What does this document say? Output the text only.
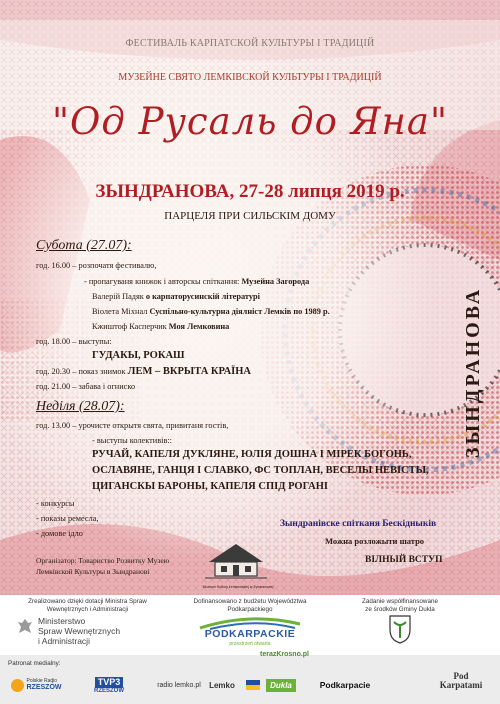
ФЕСТИВАЛЬ КАРПАТСКОЙ КУЛЬТУРЫ І ТРАДИЦІЙ
МУЗЕЙНЕ СВЯТО ЛЕМКІВСКОЙ КУЛЬТУРЫ І ТРАДИЦІЙ
"Од Русаль до Яна"
ЗЫНДРАНОВА, 27-28 липця 2019 р.
ПАРЦЕЛЯ ПРИ СИЛЬСКІМ ДОМУ
Субота (27.07):
год. 16.00 – розпочатя фестивалю,
- пропагуваня книжок і авторскы спіткання: Музейна Загорода
Валерій Падяк о карпаторусинскій літературі
Віолета Міхнал Суспільно-культурна діялніст Лемків по 1989 р.
Кжиштоф Каспeрчик Моя Лемковина
год. 18.00 – выступы:
ГУДАКЫ, РОКАШ
год. 20.30 – показ знимок ЛЕМ – ВКРЫТА КРАЇНА
год. 21.00 – забава і огниско
Неділя (28.07):
год. 13.00 – урочисте открытя свята, привитаня гостів,
- выступы колективів::
РУЧАЙ, КАПЕЛЯ ДУКЛЯНЕ, ЮЛІЯ ДОШНА І МІРЕК БОГОНЬ,
ОСЛАВЯНЕ, ГАНЦЯ І СЛАВКО, ФС ТОПЛАН, ВЕСЕЛЫ НЕВІСТЫ,
ЦИГАНСКЫ БАРОНЫ, КАПЕЛЯ СПІД РОГАНІ
- конкурсы
- показы ремесла,
- домове ідло
ЗЫНДРАНОВА
Зындранівске спітканя Бескідныків
Можна розложыти шатро
ВІЛНЫЙ ВСТУП
Організатор: Товариство Розвитку Музею
Лемківской Культуры в Зындранові
Muzeum Kultury Łemkowskiej w Zyndranowej
Zrealizowano dzięki dotacji Ministra Spraw
Wewnętrznych i Administracji
Ministerstwo
Spraw Wewnętrznych
i Administracji
Dofinansowano z budżetu Województwa
Podkarpackiego
PODKARPACKIE
przestrzeń otwarta
Zadanie współfinansowane
ze środków Gminy Dukla
Patronat medialny:
Polskie Radio
RZESZÓW
TVP3
RZESZÓW
radio lemko.pl	Lemko
terazKrosno.pl
Dukla	Podkarpacie
Pod
Karpatami
